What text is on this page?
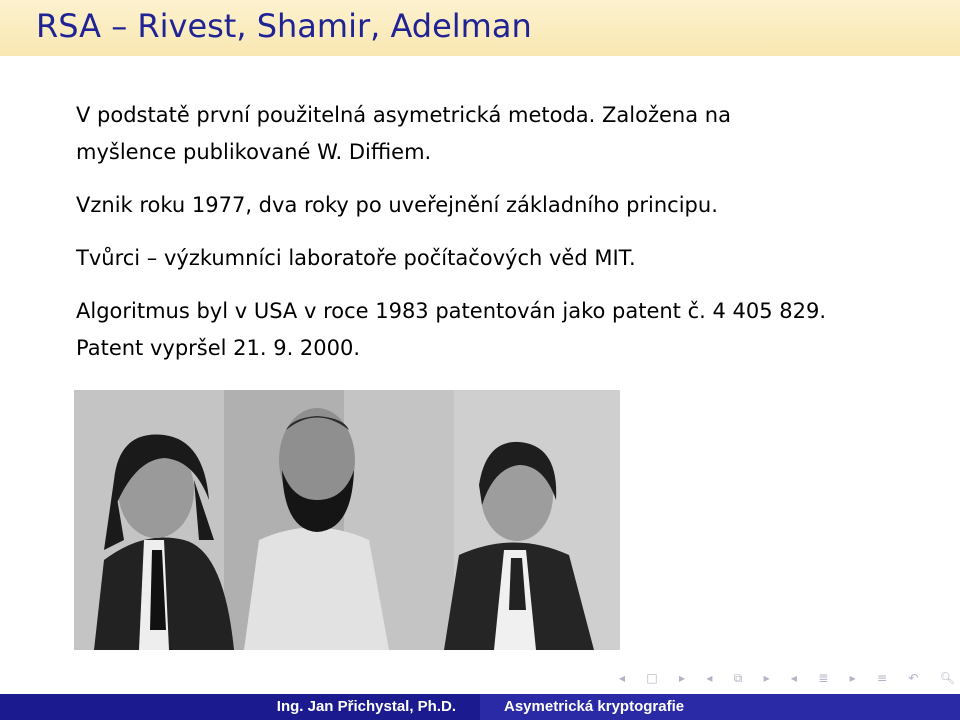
RSA – Rivest, Shamir, Adelman

V podstatě první použitelná asymetrická metoda. Založena na myšlence publikované W. Diffiem.

Vznik roku 1977, dva roky po uveřejnění základního principu.

Tvůrci – výzkumníci laboratoře počítačových věd MIT.

Algoritmus byl v USA v roce 1983 patentován jako patent č. 4 405 829. Patent vypršel 21. 9. 2000.

◂ □ ▸ ◂ ⧉ ▸ ◂ ≣ ▸ ≡ ↶ 🔍︎
Ing. Jan Přichystal, Ph.D.	Asymetrická kryptografie
